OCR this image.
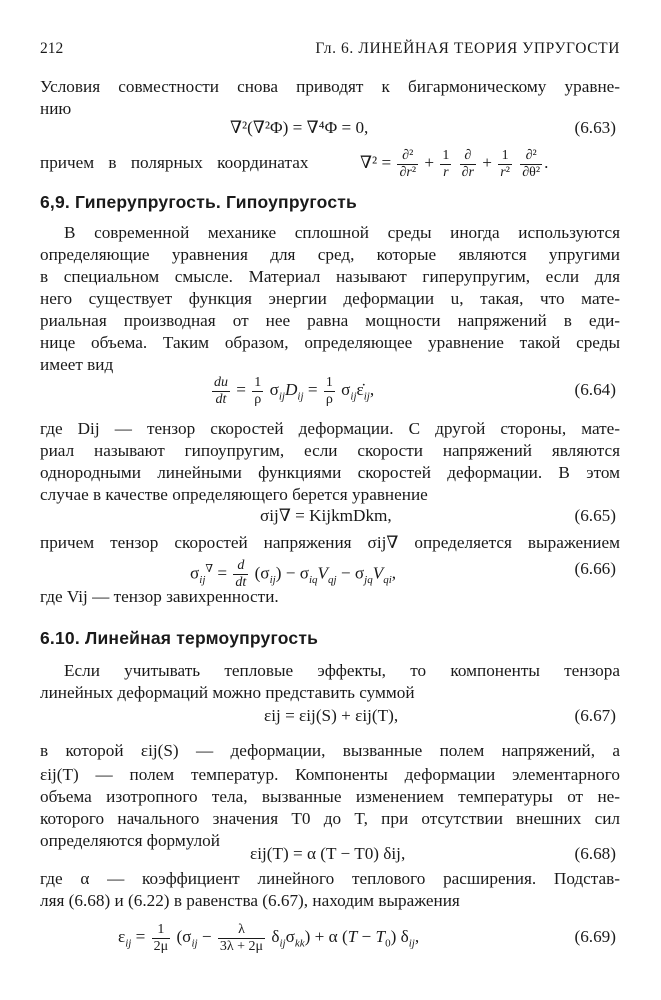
212	Гл. 6. ЛИНЕЙНАЯ ТЕОРИЯ УПРУГОСТИ
Условия совместности снова приводят к бигармоническому уравне-
нию
∇²(∇²Φ) = ∇⁴Φ = 0,	(6.63)
причем в полярных координатах	$\nabla^2 = \frac{\text{∂²}}{\text{∂r²}} + \frac{1}{r}$
$\frac{\partial}{\partial r} + \frac{1}{\text{r²}}$
$\frac{\text{∂²}}{\text{∂θ²}}$ .
6,9. Гиперупругость. Гипоупругость
В современной механике сплошной среды иногда используются
определяющие уравнения для сред, которые являются упругими
в специальном смысле. Материал называют гиперупругим, если для
него существует функция энергии деформации u, такая, что мате-
риальная производная от нее равна мощности напряжений в еди-
нице объема. Таким образом, определяющее уравнение такой среды
имеет вид
$\frac{du}{dt} = \frac{1}{\rho} \sigma_{ij}D_{ij} = \frac{1}{\rho}$ $\sigma_{ij}\varepsiloṅ_{ij}$,	(6.64)
где Dij — тензор скоростей деформации. С другой стороны, мате-
риал называют гипоупругим, если скорости напряжений являются
однородными линейными функциями скоростей деформации. В этом
случае в качестве определяющего берется уравнение
σij∇ = KijkmDkm,	(6.65)
причем тензор скоростей напряжения σij∇ определяется выражением
$\sigma_{ij}^\nabla = \frac{d}{dt} (\sigma_{ij}) - \sigma_{iq}V_{qj} - \sigma_{jq}V_{qi}$,	(6.66)
где Vij — тензор завихренности.
6.10. Линейная термоупругость
Если учитывать тепловые эффекты, то компоненты тензора
линейных деформаций можно представить суммой
εij = εij(S) + εij(T),	(6.67)
в которой εij(S) — деформации, вызванные полем напряжений, а
εij(T) — полем температур. Компоненты деформации элементарного
объема изотропного тела, вызванные изменением температуры от не-
которого начального значения T0 до T, при отсутствии внешних сил
определяются формулой
εij(T) = α (T − T0) δij,	(6.68)
где α — коэффициент линейного теплового расширения. Подстав-
ляя (6.68) и (6.22) в равенства (6.67), находим выражения
$\varepsilon_{ij} = \frac{1}{2\mu} (\sigma_{ij} - \frac{\lambda}{3\lambda + 2\mu} \delta_{ij}\sigma_{kk}) + \alpha$ $(T - T_0)$ $\delta_{ij}$,	(6.69)
